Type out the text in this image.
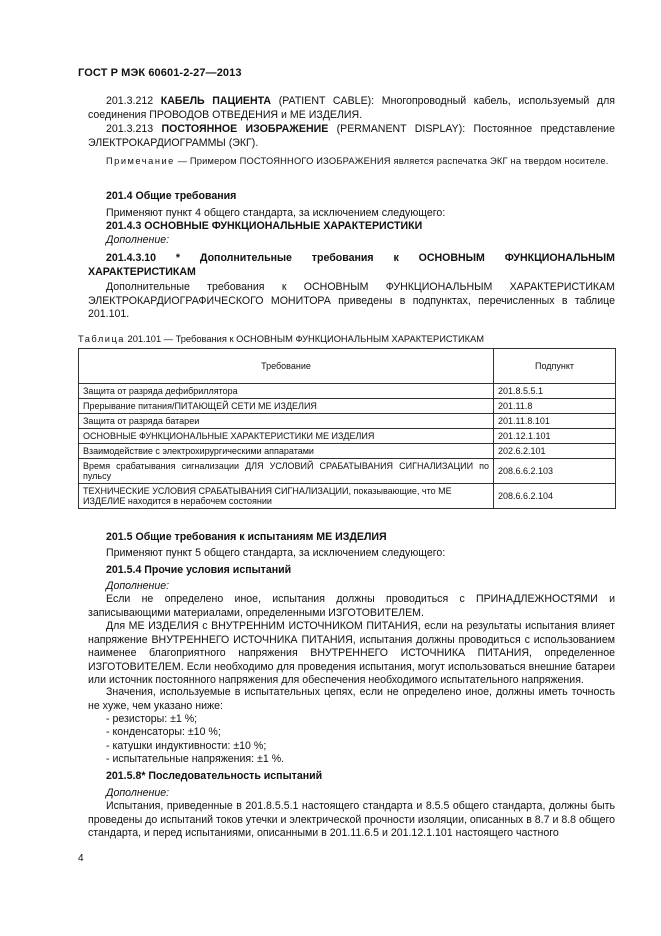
ГОСТ Р МЭК 60601-2-27—2013
201.3.212 КАБЕЛЬ ПАЦИЕНТА (PATIENT CABLE): Многопроводный кабель, используемый для соединения ПРОВОДОВ ОТВЕДЕНИЯ и МЕ ИЗДЕЛИЯ.
201.3.213 ПОСТОЯННОЕ ИЗОБРАЖЕНИЕ (PERMANENT DISPLAY): Постоянное представление ЭЛЕКТРОКАРДИОГРАММЫ (ЭКГ).
Примечание — Примером ПОСТОЯННОГО ИЗОБРАЖЕНИЯ является распечатка ЭКГ на твердом носителе.
201.4 Общие требования
Применяют пункт 4 общего стандарта, за исключением следующего:
201.4.3 ОСНОВНЫЕ ФУНКЦИОНАЛЬНЫЕ ХАРАКТЕРИСТИКИ
Дополнение:
201.4.3.10 * Дополнительные требования к ОСНОВНЫМ ФУНКЦИОНАЛЬНЫМ ХАРАКТЕРИСТИКАМ
Дополнительные требования к ОСНОВНЫМ ФУНКЦИОНАЛЬНЫМ ХАРАКТЕРИСТИКАМ ЭЛЕКТРОКАРДИОГРАФИЧЕСКОГО МОНИТОРА приведены в подпунктах, перечисленных в таблице 201.101.
Таблица 201.101 — Требования к ОСНОВНЫМ ФУНКЦИОНАЛЬНЫМ ХАРАКТЕРИСТИКАМ
Требование	Подпункт
Защита от разряда дефибриллятора	201.8.5.5.1
Прерывание питания/ПИТАЮЩЕЙ СЕТИ МЕ ИЗДЕЛИЯ	201.11.8
Защита от разряда батареи	201.11.8.101
ОСНОВНЫЕ ФУНКЦИОНАЛЬНЫЕ ХАРАКТЕРИСТИКИ МЕ ИЗДЕЛИЯ	201.12.1.101
Взаимодействие с электрохирургическими аппаратами	202.6.2.101
Время срабатывания сигнализации ДЛЯ УСЛОВИЙ СРАБАТЫВАНИЯ СИГНАЛИЗАЦИИ по пульсу	208.6.6.2.103
ТЕХНИЧЕСКИЕ УСЛОВИЯ СРАБАТЫВАНИЯ СИГНАЛИЗАЦИИ, показывающие, что МЕ ИЗДЕЛИЕ находится в нерабочем состоянии	208.6.6.2.104
201.5 Общие требования к испытаниям МЕ ИЗДЕЛИЯ
Применяют пункт 5 общего стандарта, за исключением следующего:
201.5.4 Прочие условия испытаний
Дополнение:
Если не определено иное, испытания должны проводиться с ПРИНАДЛЕЖНОСТЯМИ и записывающими материалами, определенными ИЗГОТОВИТЕЛЕМ.
Для МЕ ИЗДЕЛИЯ с ВНУТРЕННИМ ИСТОЧНИКОМ ПИТАНИЯ, если на результаты испытания влияет напряжение ВНУТРЕННЕГО ИСТОЧНИКА ПИТАНИЯ, испытания должны проводиться с использованием наименее благоприятного напряжения ВНУТРЕННЕГО ИСТОЧНИКА ПИТАНИЯ, определенное ИЗГОТОВИТЕЛЕМ. Если необходимо для проведения испытания, могут использоваться внешние батареи или источник постоянного напряжения для обеспечения необходимого испытательного напряжения.
Значения, используемые в испытательных цепях, если не определено иное, должны иметь точность не хуже, чем указано ниже:
- резисторы: ±1 %;
- конденсаторы: ±10 %;
- катушки индуктивности: ±10 %;
- испытательные напряжения: ±1 %.
201.5.8* Последовательность испытаний
Дополнение:
Испытания, приведенные в 201.8.5.5.1 настоящего стандарта и 8.5.5 общего стандарта, должны быть проведены до испытаний токов утечки и электрической прочности изоляции, описанных в 8.7 и 8.8 общего стандарта, и перед испытаниями, описанными в 201.11.6.5 и 201.12.1.101 настоящего частного
4
